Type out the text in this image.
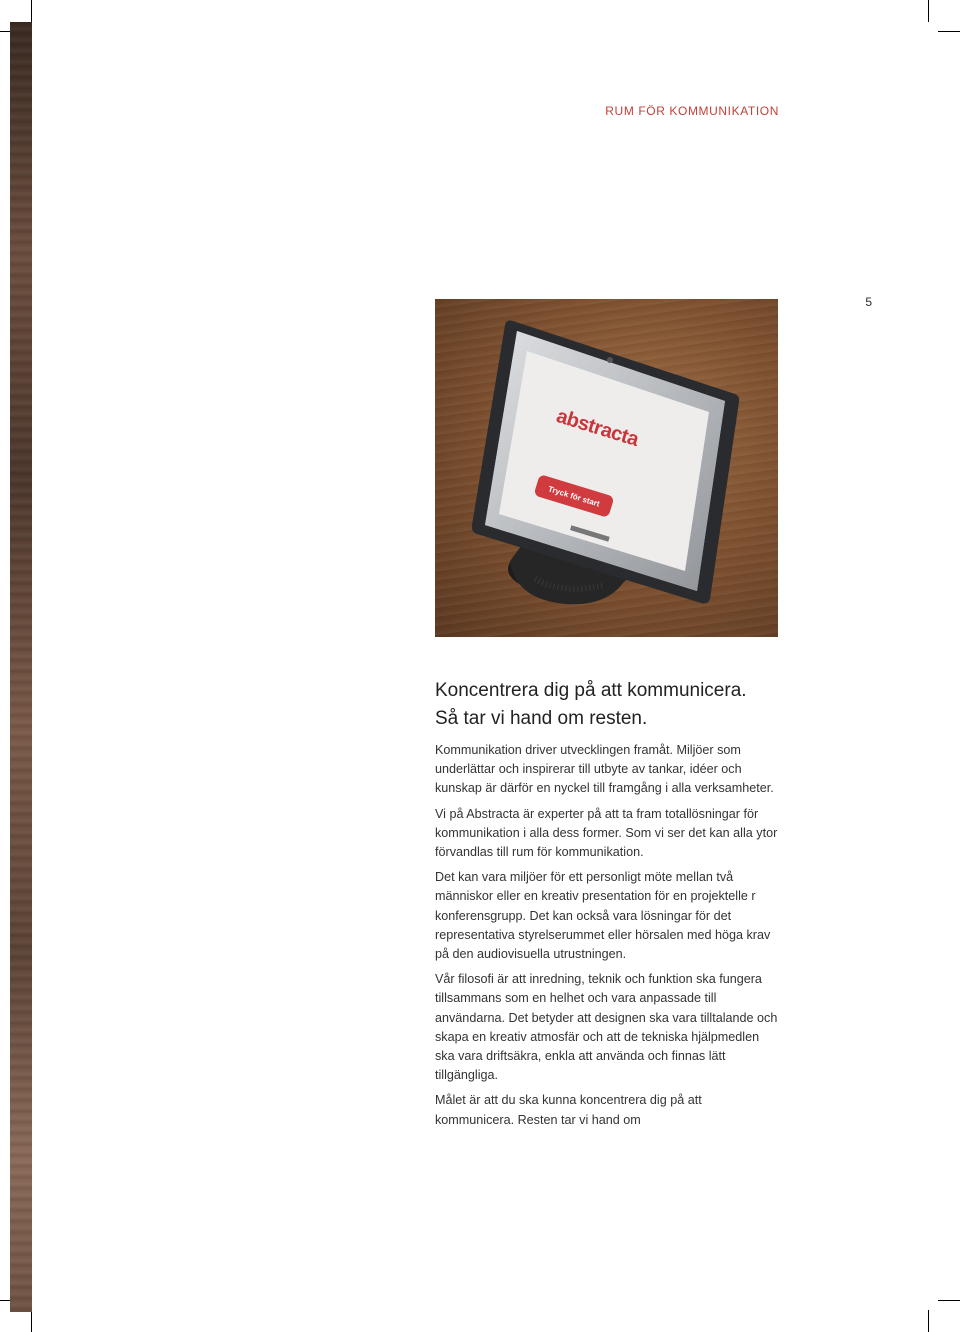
RUM FÖR KOMMUNIKATION
5
abstracta
Tryck för start
Koncentrera dig på att kommunicera.
Så tar vi hand om resten.

Kommunikation driver utvecklingen framåt. Miljöer som underlättar och inspirerar till utbyte av tankar, idéer och kunskap är därför en nyckel till framgång i alla verksamheter.

Vi på Abstracta är experter på att ta fram totallösningar för kommunikation i alla dess former. Som vi ser det kan alla ytor förvandlas till rum för kommunikation.

Det kan vara miljöer för ett personligt möte mellan två människor eller en kreativ presentation för en projektelle r konferensgrupp. Det kan också vara lösningar för det representativa styrelserummet eller hörsalen med höga krav på den audiovisuella utrustningen.

Vår filosofi är att inredning, teknik och funktion ska fungera tillsammans som en helhet och vara anpassade till användarna. Det betyder att designen ska vara tilltalande och skapa en kreativ atmosfär och att de tekniska hjälpmedlen ska vara driftsäkra, enkla att använda och finnas lätt tillgängliga.

Målet är att du ska kunna koncentrera dig på att kommunicera. Resten tar vi hand om
